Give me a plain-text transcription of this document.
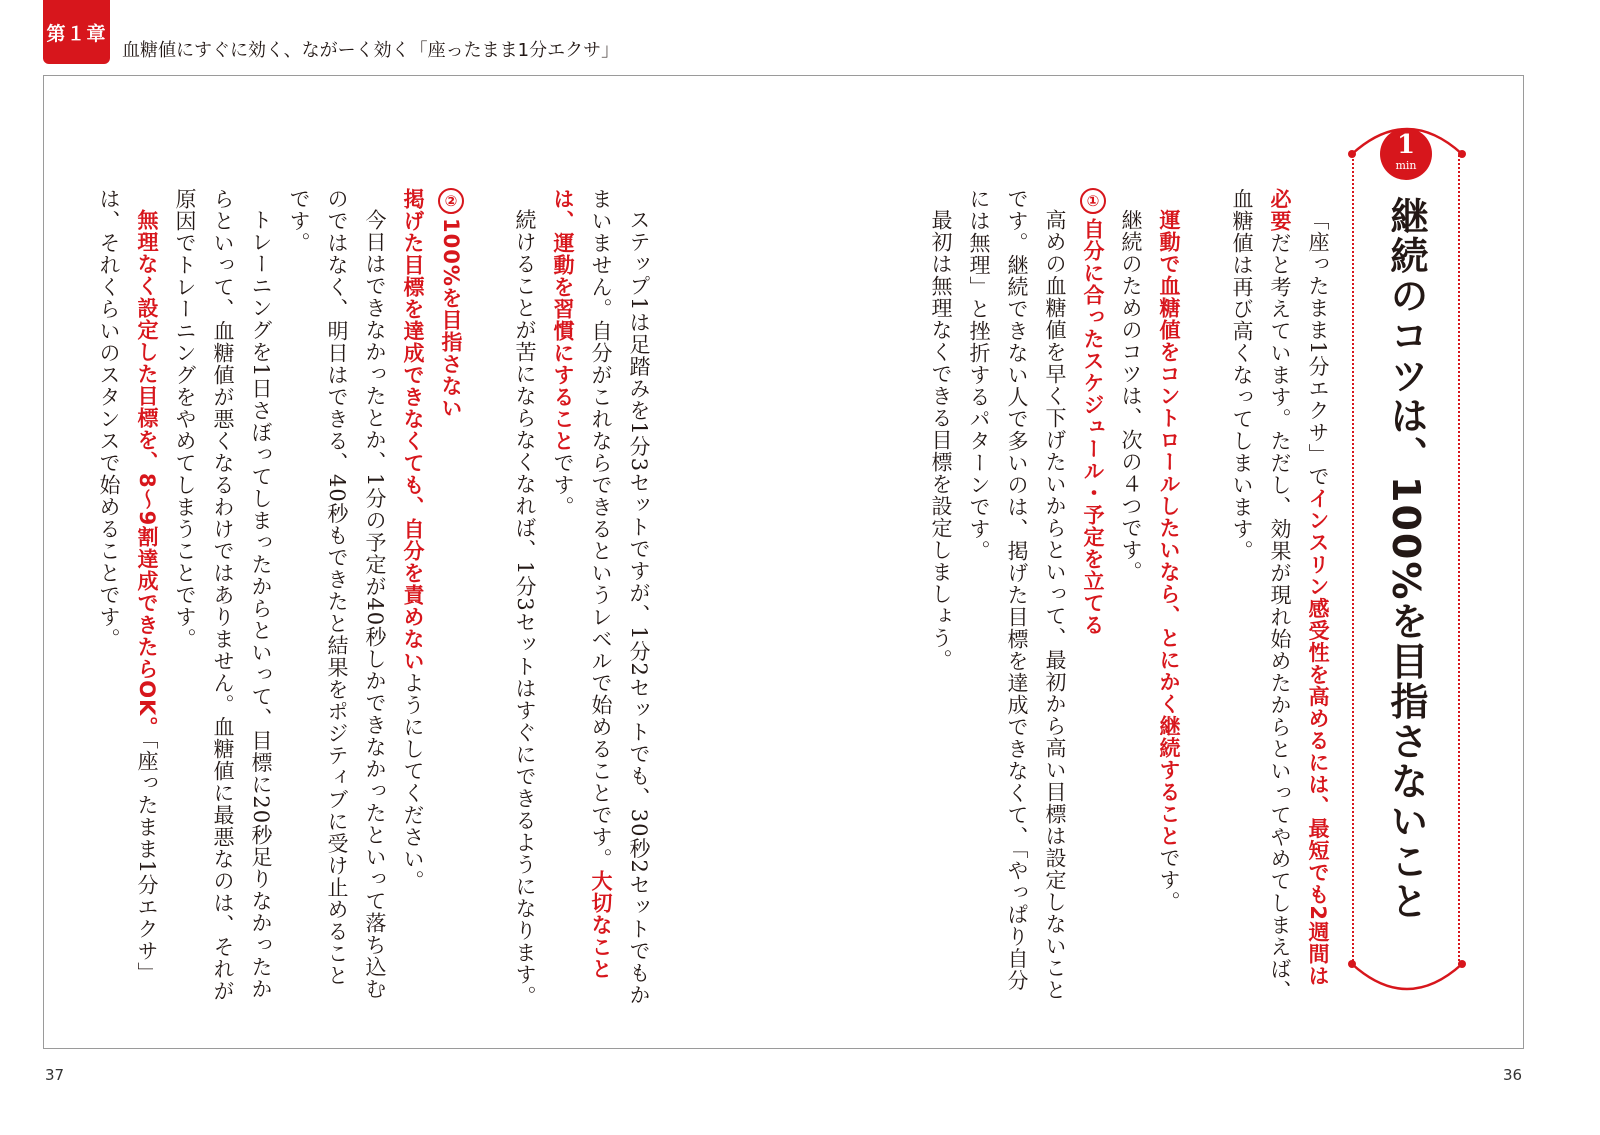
第１章
血糖値にすぐに効く、ながーく効く「座ったまま1分エクサ」
1
min
継続のコツは、100%を目指さないこと

「座ったまま1分エクサ」でインスリン感受性を高めるには、最短でも2週間は必要だと考えています。ただし、効果が現れ始めたからといってやめてしまえば、血糖値は再び高くなってしまいます。

運動で血糖値をコントロールしたいなら、とにかく継続することです。

継続のためのコツは、次の４つです。

①自分に合ったスケジュール・予定を立てる

高めの血糖値を早く下げたいからといって、最初から高い目標は設定しないことです。継続できない人で多いのは、掲げた目標を達成できなくて、「やっぱり自分には無理」と挫折するパターンです。

最初は無理なくできる目標を設定しましょう。

ステップ1は足踏みを1分3セットですが、1分2セットでも、30秒2セットでもかまいません。自分がこれならできるというレベルで始めることです。大切なことは、運動を習慣にすることです。

続けることが苦にならなくなれば、1分3セットはすぐにできるようになります。

②100%を目指さない

掲げた目標を達成できなくても、自分を責めないようにしてください。

今日はできなかったとか、1分の予定が40秒しかできなかったといって落ち込むのではなく、明日はできる、40秒もできたと結果をポジティブに受け止めることです。

トレーニングを1日さぼってしまったからといって、目標に20秒足りなかったからといって、血糖値が悪くなるわけではありません。血糖値に最悪なのは、それが原因でトレーニングをやめてしまうことです。

無理なく設定した目標を、8〜9割達成できたらOK。「座ったまま1分エクサ」は、それくらいのスタンスで始めることです。

37	36
